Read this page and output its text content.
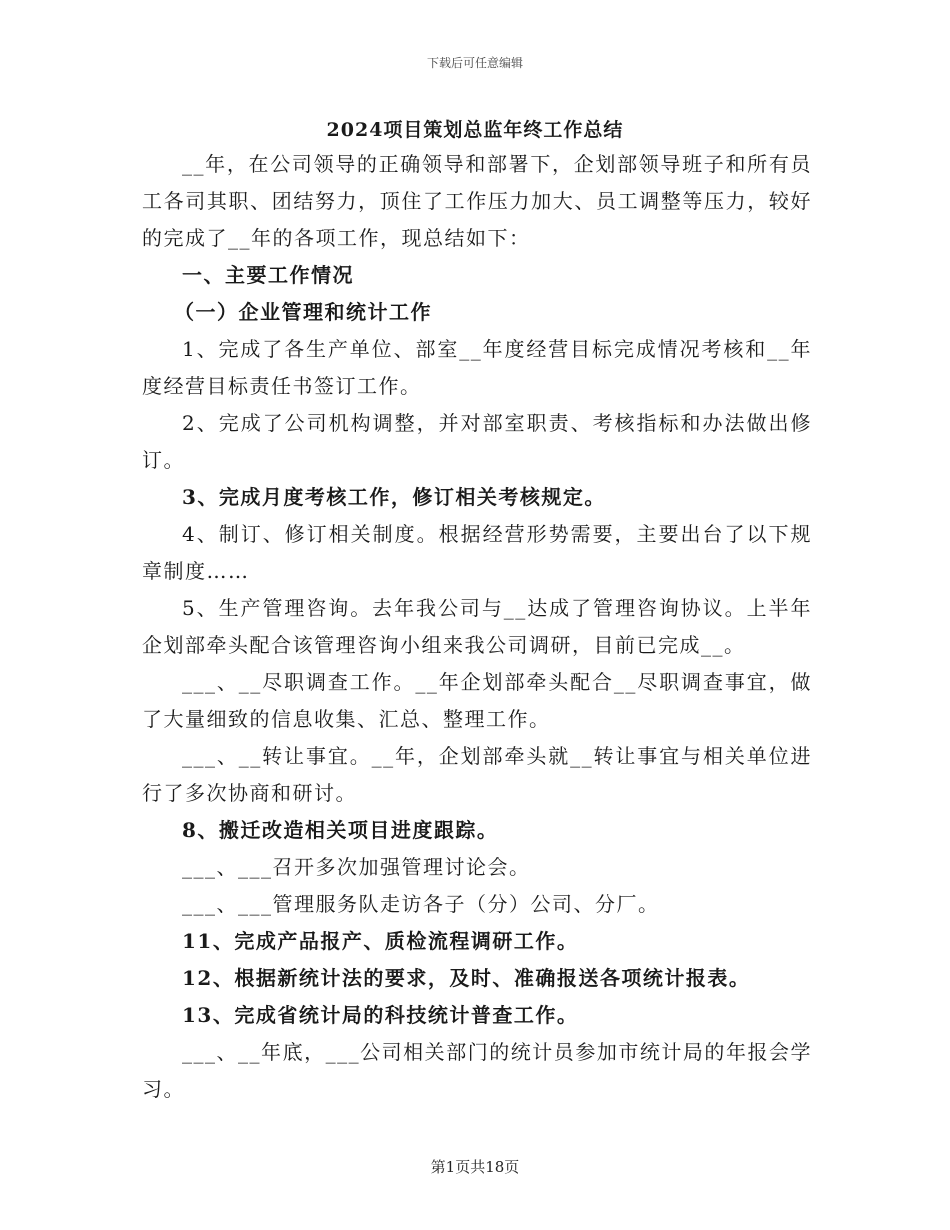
下载后可任意编辑
2024项目策划总监年终工作总结

__年，在公司领导的正确领导和部署下，企划部领导班子和所有员工各司其职、团结努力，顶住了工作压力加大、员工调整等压力，较好的完成了__年的各项工作，现总结如下：

一、主要工作情况

（一）企业管理和统计工作

1、完成了各生产单位、部室__年度经营目标完成情况考核和__年度经营目标责任书签订工作。

2、完成了公司机构调整，并对部室职责、考核指标和办法做出修订。

3、完成月度考核工作，修订相关考核规定。

4、制订、修订相关制度。根据经营形势需要，主要出台了以下规章制度……

5、生产管理咨询。去年我公司与__达成了管理咨询协议。上半年企划部牵头配合该管理咨询小组来我公司调研，目前已完成__。

___、__尽职调查工作。__年企划部牵头配合__尽职调查事宜，做了大量细致的信息收集、汇总、整理工作。

___、__转让事宜。__年，企划部牵头就__转让事宜与相关单位进行了多次协商和研讨。

8、搬迁改造相关项目进度跟踪。

___、___召开多次加强管理讨论会。

___、___管理服务队走访各子（分）公司、分厂。

11、完成产品报产、质检流程调研工作。

12、根据新统计法的要求，及时、准确报送各项统计报表。

13、完成省统计局的科技统计普查工作。

___、__年底，___公司相关部门的统计员参加市统计局的年报会学习。

第1页共18页
